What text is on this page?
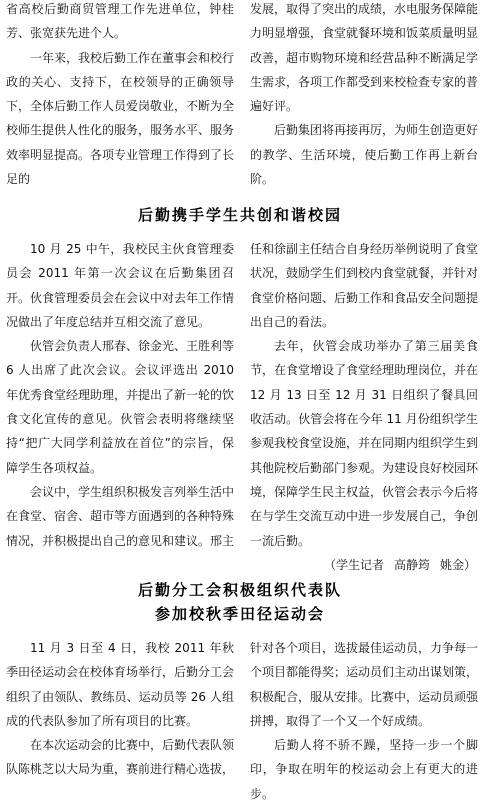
省高校后勤商贸管理工作先进单位，钟桂芳、张宽获先进个人。

一年来，我校后勤工作在董事会和校行政的关心、支持下，在校领导的正确领导下，全体后勤工作人员爱岗敬业，不断为全校师生提供人性化的服务，服务水平、服务效率明显提高。各项专业管理工作得到了长足的

发展，取得了突出的成绩，水电服务保障能力明显增强，食堂就餐环境和饭菜质量明显改善，超市购物环境和经营品种不断满足学生需求，各项工作都受到来校检查专家的普遍好评。

后勤集团将再接再厉，为师生创造更好的教学、生活环境，使后勤工作再上新台阶。

后勤携手学生共创和谐校园

10 月 25 中午，我校民主伙食管理委员会 2011 年第一次会议在后勤集团召开。伙食管理委员会在会议中对去年工作情况做出了年度总结并互相交流了意见。

伙管会负责人邢春、徐金光、王胜利等 6 人出席了此次会议。会议评选出 2010 年优秀食堂经理助理，并提出了新一轮的饮食文化宣传的意见。伙管会表明将继续坚持“把广大同学利益放在首位”的宗旨，保障学生各项权益。

会议中，学生组织积极发言列举生活中在食堂、宿舍、超市等方面遇到的各种特殊情况，并积极提出自己的意见和建议。邢主

任和徐副主任结合自身经历举例说明了食堂状况，鼓励学生们到校内食堂就餐，并针对食堂价格问题、后勤工作和食品安全问题提出自己的看法。

去年，伙管会成功举办了第三届美食节，在食堂增设了食堂经理助理岗位，并在 12 月 13 日至 12 月 31 日组织了餐具回收活动。伙管会将在今年 11 月份组织学生参观我校食堂设施，并在同期内组织学生到其他院校后勤部门参观。为建设良好校园环境，保障学生民主权益，伙管会表示今后将在与学生交流互动中进一步发展自己，争创一流后勤。

（学生记者 高静筠 姚金）

后勤分工会积极组织代表队
参加校秋季田径运动会

11 月 3 日至 4 日，我校 2011 年秋季田径运动会在校体育场举行，后勤分工会组织了由领队、教练员、运动员等 26 人组成的代表队参加了所有项目的比赛。

在本次运动会的比赛中，后勤代表队领队陈桃芝以大局为重，赛前进行精心选拔，

针对各个项目，选拔最佳运动员，力争每一个项目都能得奖；运动员们主动出谋划策，积极配合，服从安排。比赛中，运动员顽强拼搏，取得了一个又一个好成绩。

后勤人将不骄不躁，坚持一步一个脚印，争取在明年的校运动会上有更大的进步。
